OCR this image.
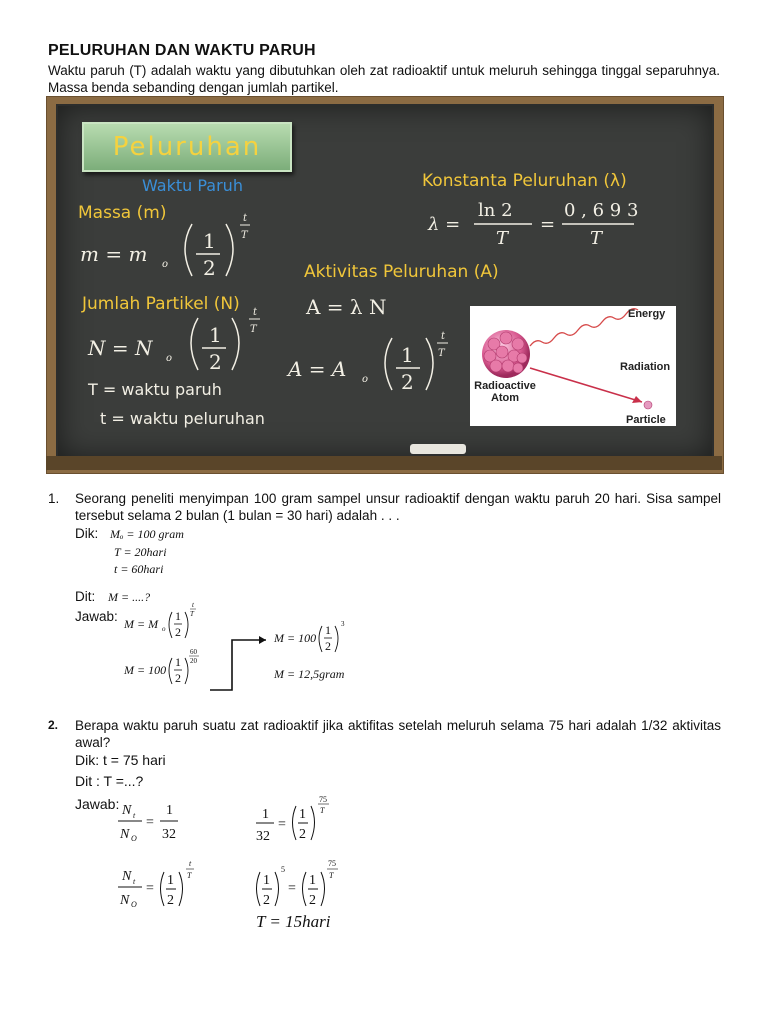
PELURUHAN DAN WAKTU PARUH
Waktu paruh (T) adalah waktu yang dibutuhkan oleh zat radioaktif untuk meluruh sehingga tinggal separuhnya. Massa benda sebanding dengan jumlah partikel.
Peluruhan
Waktu Paruh
Massa (m)
Konstanta Peluruhan (λ)
Aktivitas Peluruhan (A)
Jumlah Partikel (N)
T = waktu paruh
t = waktu peluruhan
m = m o
1
2
t
T
N = N o
1
2
t
T
λ =
ln 2
T
=
0 , 6 9 3
T
A = λ N
A = A o
1
2
t
T
Energy
Radiation
Radioactive
Atom
Particle
1. Seorang peneliti menyimpan 100 gram sampel unsur radioaktif dengan waktu paruh 20 hari. Sisa sampel tersebut selama 2 bulan (1 bulan = 30 hari) adalah . . .
Dik: Mₒ = 100 gram
T = 20hari
t = 60hari
Dit: M = ....?
Jawab: M = M o
1
2
t
T
M = 100
1
2
60
20
M = 100
1
2
3
M = 12,5gram
2. Berapa waktu paruh suatu zat radioaktif jika aktifitas setelah meluruh selama 75 hari adalah 1/32 aktivitas awal?
Dik: t = 75 hari
Dit : T =...?
Jawab: N t
N O
=
1
32
1
32
=
1
2
75
T
N t
N O
=
1
2
t
T	1
2
5
=
1
2
75
T
T = 15hari
